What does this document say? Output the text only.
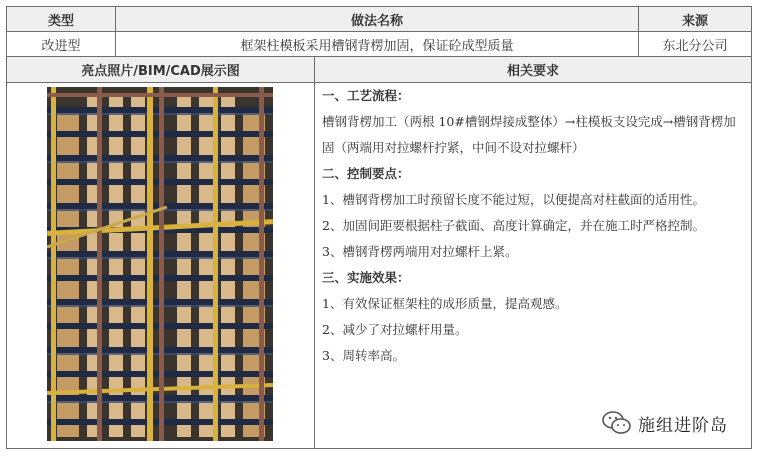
类型	做法名称	来源
改进型	框架柱模板采用槽钢背楞加固，保证砼成型质量	东北分公司
亮点照片/BIM/CAD展示图	相关要求

一、工艺流程：

槽钢背楞加工（两根 10#槽钢焊接成整体）→柱模板支设完成→槽钢背楞加

固（两端用对拉螺杆拧紧，中间不设对拉螺杆）

二、控制要点：

1、槽钢背楞加工时预留长度不能过短，以便提高对柱截面的适用性。

2、加固间距要根据柱子截面、高度计算确定，并在施工时严格控制。

3、槽钢背楞两端用对拉螺杆上紧。

三、实施效果：

1、有效保证框架柱的成形质量，提高观感。

2、减少了对拉螺杆用量。

3、周转率高。

施组进阶岛
